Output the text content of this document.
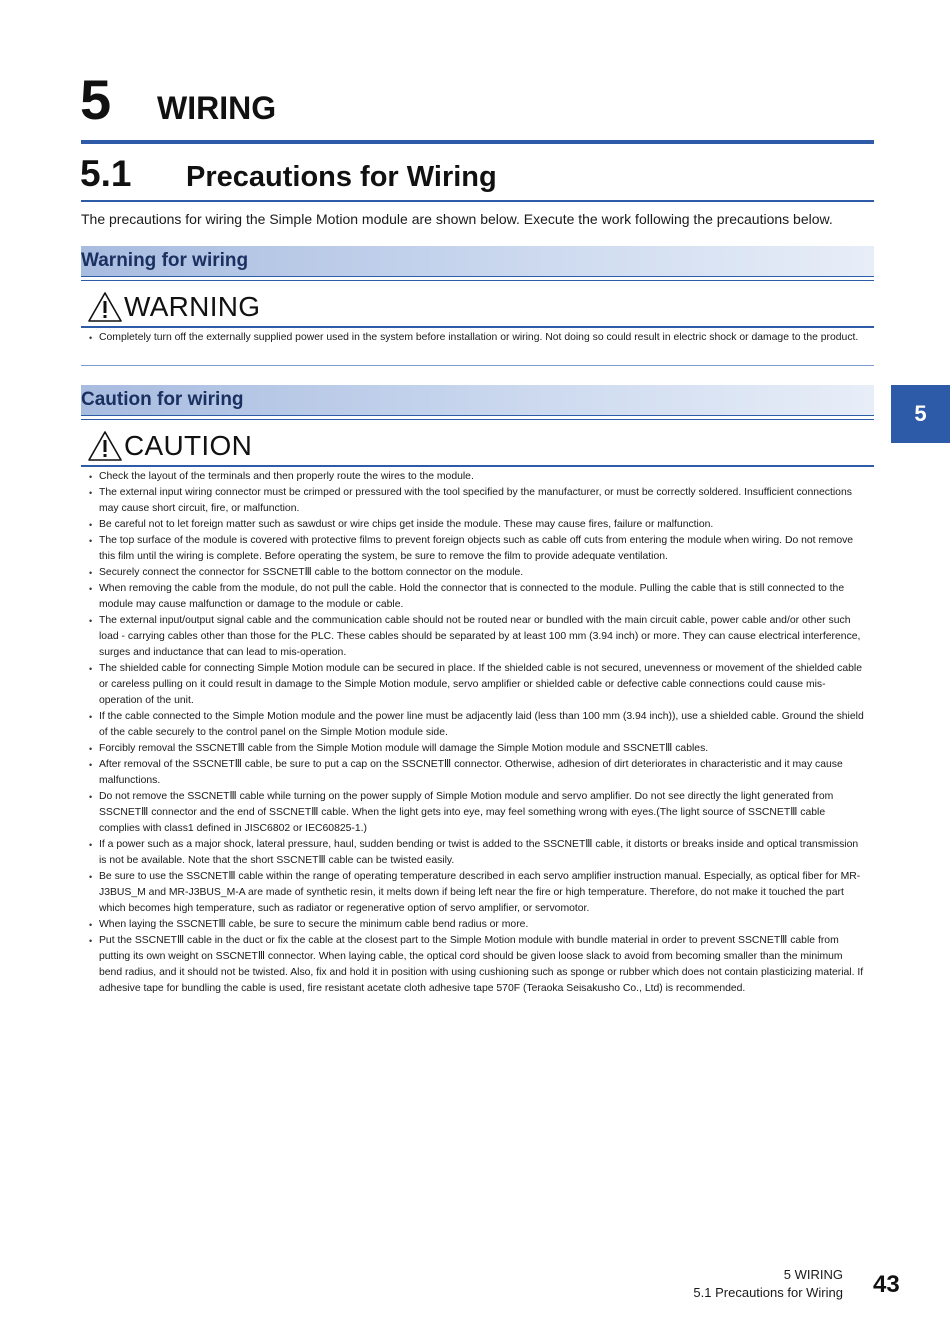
5 WIRING
5.1 Precautions for Wiring
The precautions for wiring the Simple Motion module are shown below. Execute the work following the precautions below.
Warning for wiring
WARNING
• Completely turn off the externally supplied power used in the system before installation or wiring. Not doing so could result in electric shock or damage to the product.
Caution for wiring
CAUTION
• Check the layout of the terminals and then properly route the wires to the module.
• The external input wiring connector must be crimped or pressured with the tool specified by the manufacturer, or must be correctly soldered. Insufficient connections may cause short circuit, fire, or malfunction.
• Be careful not to let foreign matter such as sawdust or wire chips get inside the module. These may cause fires, failure or malfunction.
• The top surface of the module is covered with protective films to prevent foreign objects such as cable off cuts from entering the module when wiring. Do not remove this film until the wiring is complete. Before operating the system, be sure to remove the film to provide adequate ventilation.
• Securely connect the connector for SSCNETⅢ cable to the bottom connector on the module.
• When removing the cable from the module, do not pull the cable. Hold the connector that is connected to the module. Pulling the cable that is still connected to the module may cause malfunction or damage to the module or cable.
• The external input/output signal cable and the communication cable should not be routed near or bundled with the main circuit cable, power cable and/or other such load - carrying cables other than those for the PLC. These cables should be separated by at least 100 mm (3.94 inch) or more. They can cause electrical interference, surges and inductance that can lead to mis-operation.
• The shielded cable for connecting Simple Motion module can be secured in place. If the shielded cable is not secured, unevenness or movement of the shielded cable or careless pulling on it could result in damage to the Simple Motion module, servo amplifier or shielded cable or defective cable connections could cause mis-operation of the unit.
• If the cable connected to the Simple Motion module and the power line must be adjacently laid (less than 100 mm (3.94 inch)), use a shielded cable. Ground the shield of the cable securely to the control panel on the Simple Motion module side.
• Forcibly removal the SSCNETⅢ cable from the Simple Motion module will damage the Simple Motion module and SSCNETⅢ cables.
• After removal of the SSCNETⅢ cable, be sure to put a cap on the SSCNETⅢ connector. Otherwise, adhesion of dirt deteriorates in characteristic and it may cause malfunctions.
• Do not remove the SSCNETⅢ cable while turning on the power supply of Simple Motion module and servo amplifier. Do not see directly the light generated from SSCNETⅢ connector and the end of SSCNETⅢ cable. When the light gets into eye, may feel something wrong with eyes.(The light source of SSCNETⅢ cable complies with class1 defined in JISC6802 or IEC60825-1.)
• If a power such as a major shock, lateral pressure, haul, sudden bending or twist is added to the SSCNETⅢ cable, it distorts or breaks inside and optical transmission is not be available. Note that the short SSCNETⅢ cable can be twisted easily.
• Be sure to use the SSCNETⅢ cable within the range of operating temperature described in each servo amplifier instruction manual. Especially, as optical fiber for MR-J3BUS_M and MR-J3BUS_M-A are made of synthetic resin, it melts down if being left near the fire or high temperature. Therefore, do not make it touched the part which becomes high temperature, such as radiator or regenerative option of servo amplifier, or servomotor.
• When laying the SSCNETⅢ cable, be sure to secure the minimum cable bend radius or more.
• Put the SSCNETⅢ cable in the duct or fix the cable at the closest part to the Simple Motion module with bundle material in order to prevent SSCNETⅢ cable from putting its own weight on SSCNETⅢ connector. When laying cable, the optical cord should be given loose slack to avoid from becoming smaller than the minimum bend radius, and it should not be twisted. Also, fix and hold it in position with using cushioning such as sponge or rubber which does not contain plasticizing material. If adhesive tape for bundling the cable is used, fire resistant acetate cloth adhesive tape 570F (Teraoka Seisakusho Co., Ltd) is recommended.
5
5 WIRING
5.1 Precautions for Wiring 43
